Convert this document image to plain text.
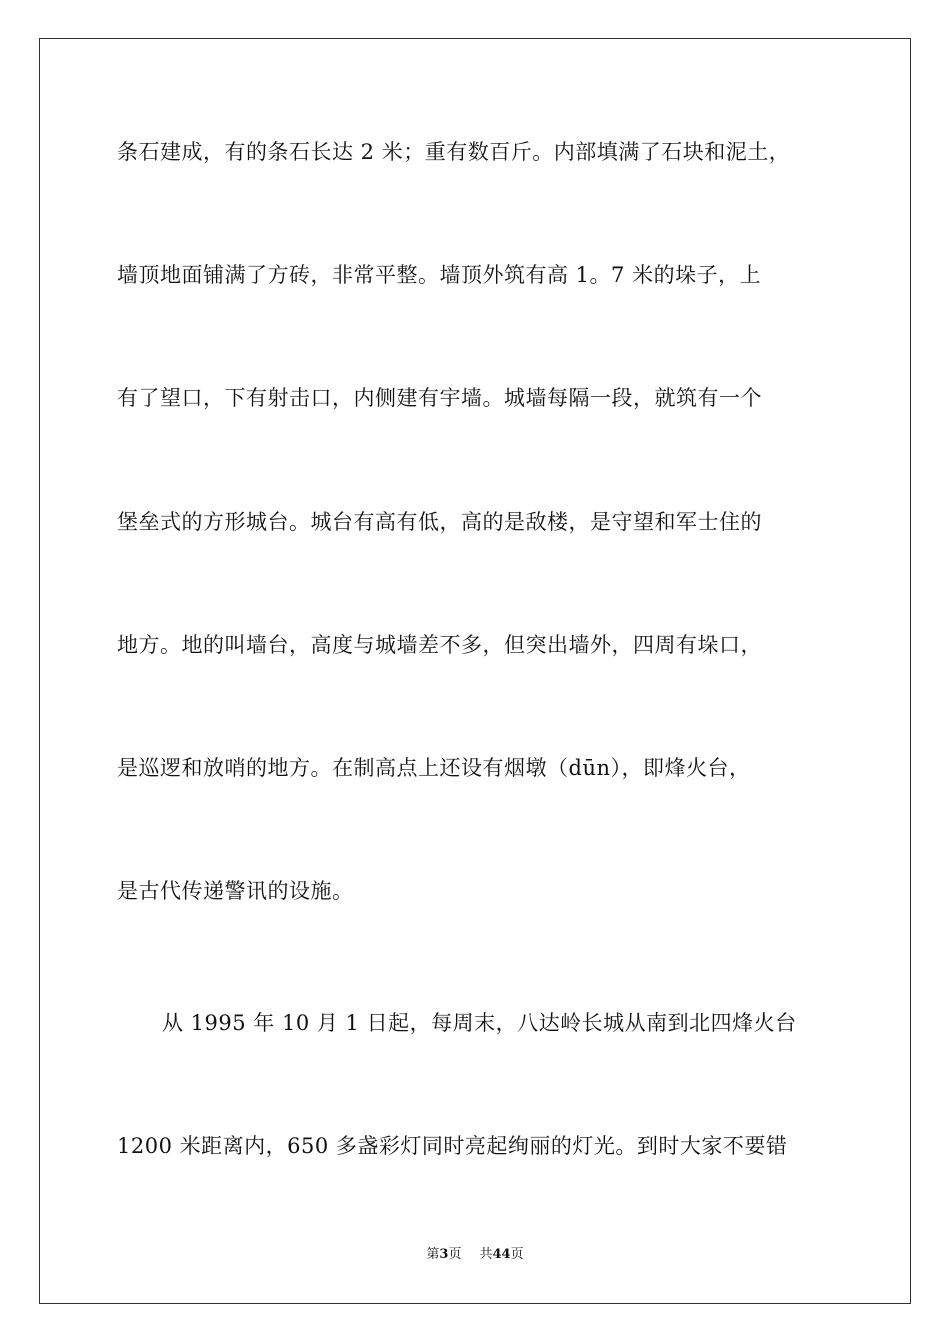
条石建成，有的条石长达 2 米；重有数百斤。内部填满了石块和泥土，
墙顶地面铺满了方砖，非常平整。墙顶外筑有高 1。7 米的垛子，上
有了望口，下有射击口，内侧建有宇墙。城墙每隔一段，就筑有一个
堡垒式的方形城台。城台有高有低，高的是敌楼，是守望和军士住的
地方。地的叫墙台，高度与城墙差不多，但突出墙外，四周有垛口，
是巡逻和放哨的地方。在制高点上还设有烟墩（dūn），即烽火台，
是古代传递警讯的设施。
从 1995 年 10 月 1 日起，每周末，八达岭长城从南到北四烽火台
1200 米距离内，650 多盏彩灯同时亮起绚丽的灯光。到时大家不要错
第3页 共44页
